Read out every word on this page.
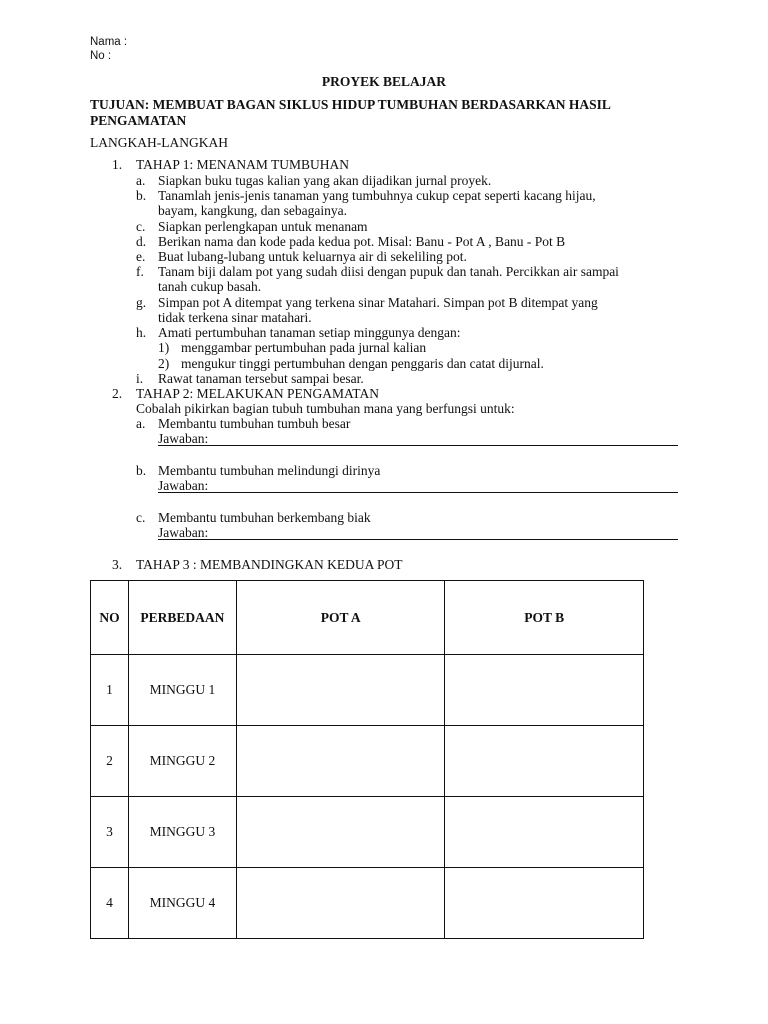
Nama :
No :
PROYEK BELAJAR
TUJUAN: MEMBUAT BAGAN SIKLUS HIDUP TUMBUHAN BERDASARKAN HASIL
PENGAMATAN
LANGKAH-LANGKAH
1. TAHAP 1: MENANAM TUMBUHAN
a. Siapkan buku tugas kalian yang akan dijadikan jurnal proyek.
b. Tanamlah jenis-jenis tanaman yang tumbuhnya cukup cepat seperti kacang hijau,
bayam, kangkung, dan sebagainya.
c. Siapkan perlengkapan untuk menanam
d. Berikan nama dan kode pada kedua pot. Misal: Banu - Pot A , Banu - Pot B
e. Buat lubang-lubang untuk keluarnya air di sekeliling pot.
f. Tanam biji dalam pot yang sudah diisi dengan pupuk dan tanah. Percikkan air sampai
tanah cukup basah.
g. Simpan pot A ditempat yang terkena sinar Matahari. Simpan pot B ditempat yang
tidak terkena sinar matahari.
h. Amati pertumbuhan tanaman setiap minggunya dengan:
1) menggambar pertumbuhan pada jurnal kalian
2) mengukur tinggi pertumbuhan dengan penggaris dan catat dijurnal.
i. Rawat tanaman tersebut sampai besar.
2. TAHAP 2: MELAKUKAN PENGAMATAN
Cobalah pikirkan bagian tubuh tumbuhan mana yang berfungsi untuk:
a. Membantu tumbuhan tumbuh besar
Jawaban:
b. Membantu tumbuhan melindungi dirinya
Jawaban:
c. Membantu tumbuhan berkembang biak
Jawaban:
3. TAHAP 3 : MEMBANDINGKAN KEDUA POT
NO	PERBEDAAN	POT A	POT B
1	MINGGU 1		
2	MINGGU 2		
3	MINGGU 3		
4	MINGGU 4		
